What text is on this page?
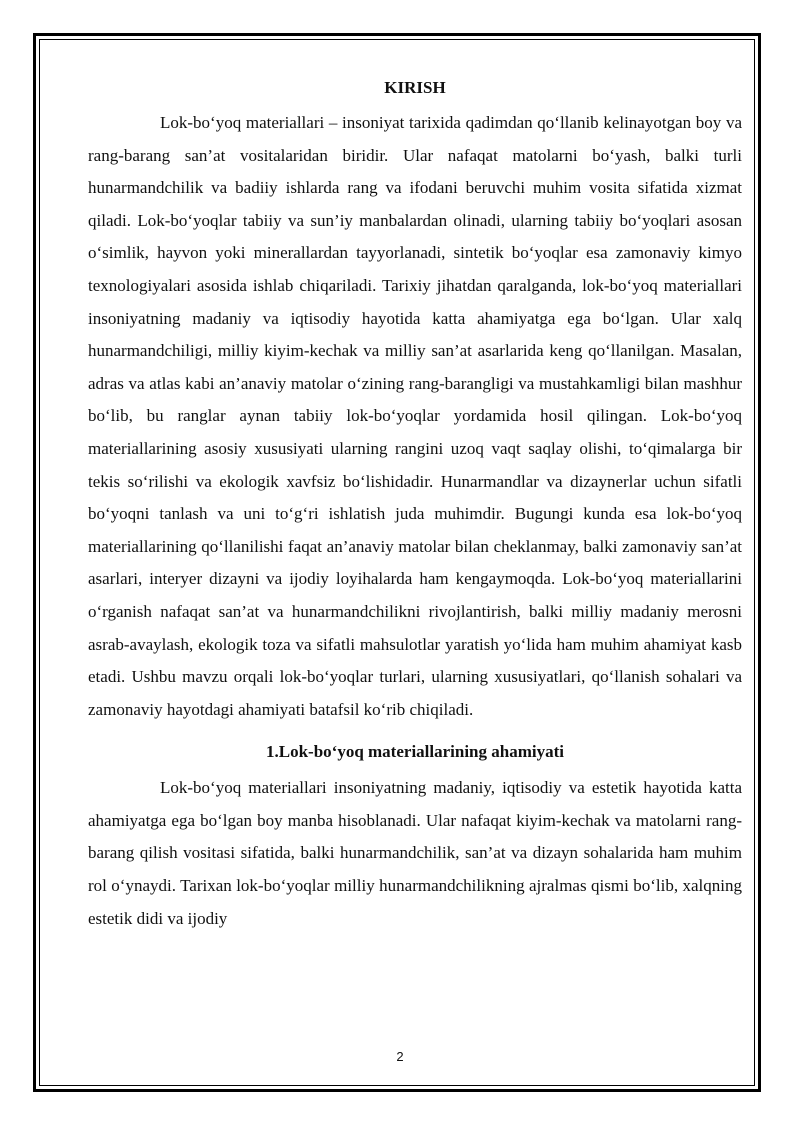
KIRISH

Lok-bo‘yoq materiallari – insoniyat tarixida qadimdan qo‘llanib kelinayotgan boy va rang-barang san’at vositalaridan biridir. Ular nafaqat matolarni bo‘yash, balki turli hunarmandchilik va badiiy ishlarda rang va ifodani beruvchi muhim vosita sifatida xizmat qiladi. Lok-bo‘yoqlar tabiiy va sun’iy manbalardan olinadi, ularning tabiiy bo‘yoqlari asosan o‘simlik, hayvon yoki minerallardan tayyorlanadi, sintetik bo‘yoqlar esa zamonaviy kimyo texnologiyalari asosida ishlab chiqariladi. Tarixiy jihatdan qaralganda, lok-bo‘yoq materiallari insoniyatning madaniy va iqtisodiy hayotida katta ahamiyatga ega bo‘lgan. Ular xalq hunarmandchiligi, milliy kiyim-kechak va milliy san’at asarlarida keng qo‘llanilgan. Masalan, adras va atlas kabi an’anaviy matolar o‘zining rang-barangligi va mustahkamligi bilan mashhur bo‘lib, bu ranglar aynan tabiiy lok-bo‘yoqlar yordamida hosil qilingan. Lok-bo‘yoq materiallarining asosiy xususiyati ularning rangini uzoq vaqt saqlay olishi, to‘qimalarga bir tekis so‘rilishi va ekologik xavfsiz bo‘lishidadir. Hunarmandlar va dizaynerlar uchun sifatli bo‘yoqni tanlash va uni to‘g‘ri ishlatish juda muhimdir. Bugungi kunda esa lok-bo‘yoq materiallarining qo‘llanilishi faqat an’anaviy matolar bilan cheklanmay, balki zamonaviy san’at asarlari, interyer dizayni va ijodiy loyihalarda ham kengaymoqda. Lok-bo‘yoq materiallarini o‘rganish nafaqat san’at va hunarmandchilikni rivojlantirish, balki milliy madaniy merosni asrab-avaylash, ekologik toza va sifatli mahsulotlar yaratish yo‘lida ham muhim ahamiyat kasb etadi. Ushbu mavzu orqali lok-bo‘yoqlar turlari, ularning xususiyatlari, qo‘llanish sohalari va zamonaviy hayotdagi ahamiyati batafsil ko‘rib chiqiladi.

1.Lok-bo‘yoq materiallarining ahamiyati

Lok-bo‘yoq materiallari insoniyatning madaniy, iqtisodiy va estetik hayotida katta ahamiyatga ega bo‘lgan boy manba hisoblanadi. Ular nafaqat kiyim-kechak va matolarni rang-barang qilish vositasi sifatida, balki hunarmandchilik, san’at va dizayn sohalarida ham muhim rol o‘ynaydi. Tarixan lok-bo‘yoqlar milliy hunarmandchilikning ajralmas qismi bo‘lib, xalqning estetik didi va ijodiy

2
